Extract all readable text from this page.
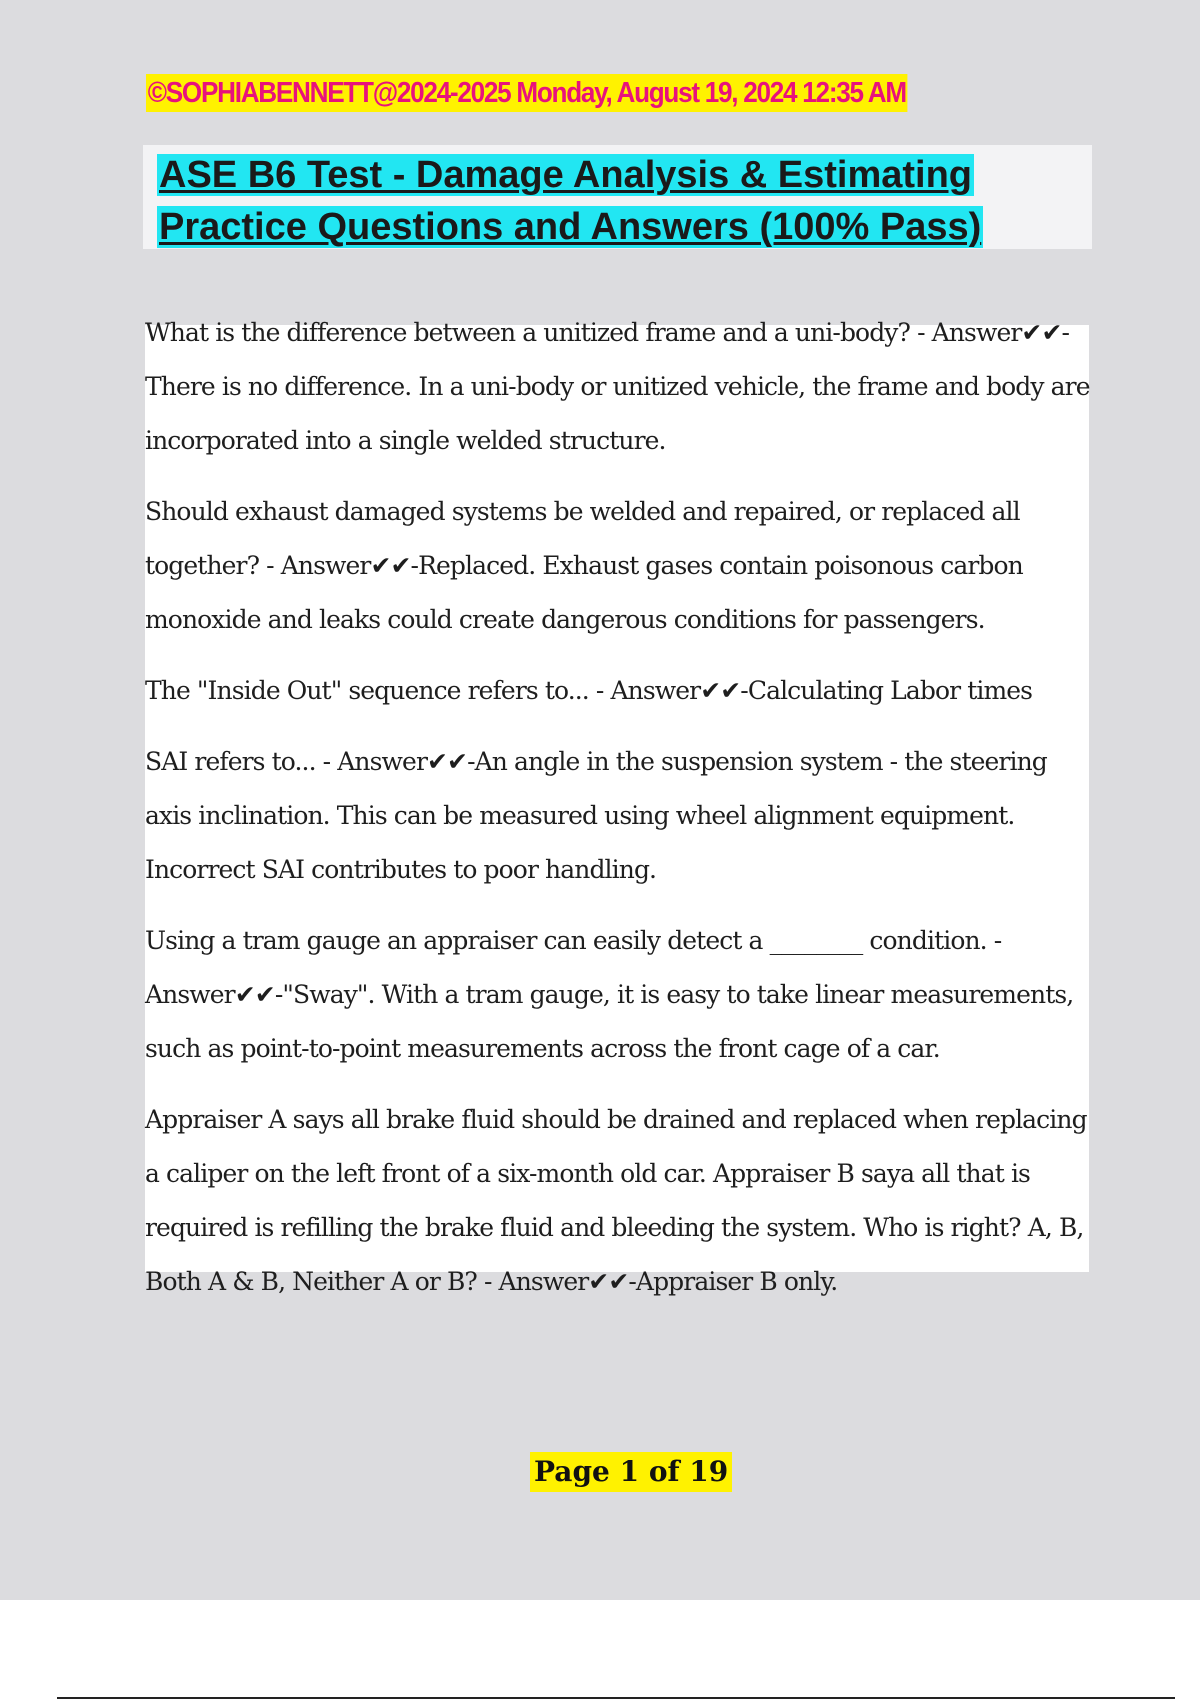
©SOPHIABENNETT@2024-2025 Monday, August 19, 2024 12:35 AM
ASE B6 Test - Damage Analysis & Estimating
Practice Questions and Answers (100% Pass)

What is the difference between a unitized frame and a uni-body? - Answer✔✔-There is no difference. In a uni-body or unitized vehicle, the frame and body are incorporated into a single welded structure.

Should exhaust damaged systems be welded and repaired, or replaced all together? - Answer✔✔-Replaced. Exhaust gases contain poisonous carbon monoxide and leaks could create dangerous conditions for passengers.

The "Inside Out" sequence refers to... - Answer✔✔-Calculating Labor times

SAI refers to... - Answer✔✔-An angle in the suspension system - the steering axis inclination. This can be measured using wheel alignment equipment. Incorrect SAI contributes to poor handling.

Using a tram gauge an appraiser can easily detect a ________ condition. - Answer✔✔-"Sway". With a tram gauge, it is easy to take linear measurements, such as point-to-point measurements across the front cage of a car.

Appraiser A says all brake fluid should be drained and replaced when replacing a caliper on the left front of a six-month old car. Appraiser B saya all that is required is refilling the brake fluid and bleeding the system. Who is right? A, B, Both A & B, Neither A or B? - Answer✔✔-Appraiser B only.

Page 1 of 19
